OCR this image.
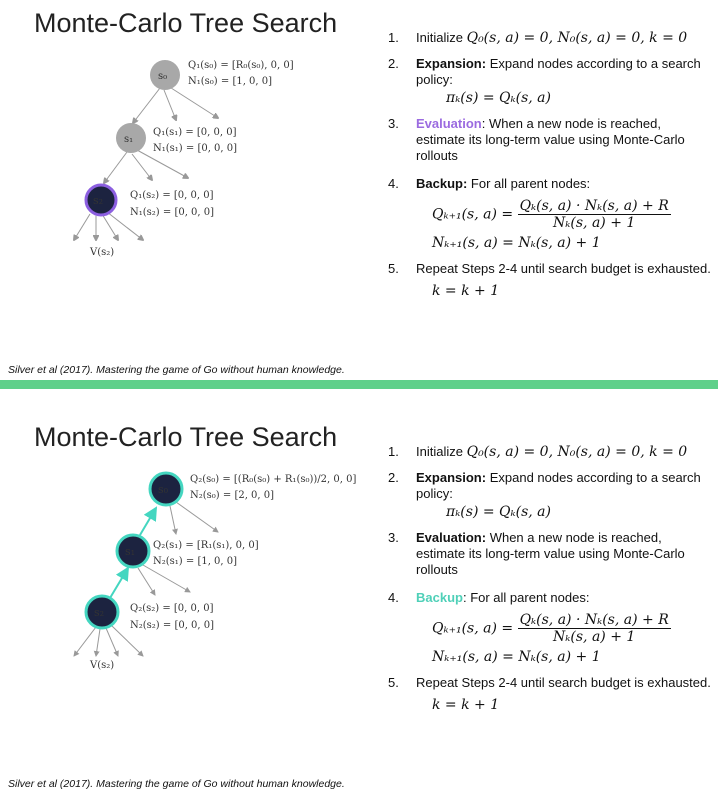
Monte-Carlo Tree Search
s₀
s₁
s₂
Q₁(s₀) = [R₀(s₀), 0, 0]
N₁(s₀) = [1, 0, 0]
Q₁(s₁) = [0, 0, 0]
N₁(s₁) = [0, 0, 0]
Q₁(s₂) = [0, 0, 0]
N₁(s₂) = [0, 0, 0]
V(s₂)
1. Initialize Q₀(s, a) = 0, N₀(s, a) = 0, k = 0
2. Expansion: Expand nodes according to a search policy:
πₖ(s) = Qₖ(s, a)
3. Evaluation: When a new node is reached, estimate its long-term value using Monte-Carlo rollouts
4. Backup: For all parent nodes:
Qₖ₊₁(s, $a) = \frac{\text{Qₖ(s, a) · Nₖ(s, a) + R}}{\text{Nₖ(s, a) + 1}}$
Nₖ₊₁(s, a) = Nₖ(s, a) + 1
5. Repeat Steps 2-4 until search budget is exhausted.
k = k + 1
Silver et al (2017). Mastering the game of Go without human knowledge.
Monte-Carlo Tree Search
s₀
s₁
s₂
Q₂(s₀) = [(R₀(s₀) + R₁(s₀))/2, 0, 0]
N₂(s₀) = [2, 0, 0]
Q₂(s₁) = [R₁(s₁), 0, 0]
N₂(s₁) = [1, 0, 0]
Q₂(s₂) = [0, 0, 0]
N₂(s₂) = [0, 0, 0]
V(s₂)
1. Initialize Q₀(s, a) = 0, N₀(s, a) = 0, k = 0
2. Expansion: Expand nodes according to a search policy:
πₖ(s) = Qₖ(s, a)
3. Evaluation: When a new node is reached, estimate its long-term value using Monte-Carlo rollouts
4. Backup: For all parent nodes:
Qₖ₊₁(s, $a) = \frac{\text{Qₖ(s, a) · Nₖ(s, a) + R}}{\text{Nₖ(s, a) + 1}}$
Nₖ₊₁(s, a) = Nₖ(s, a) + 1
5. Repeat Steps 2-4 until search budget is exhausted.
k = k + 1
Silver et al (2017). Mastering the game of Go without human knowledge.
